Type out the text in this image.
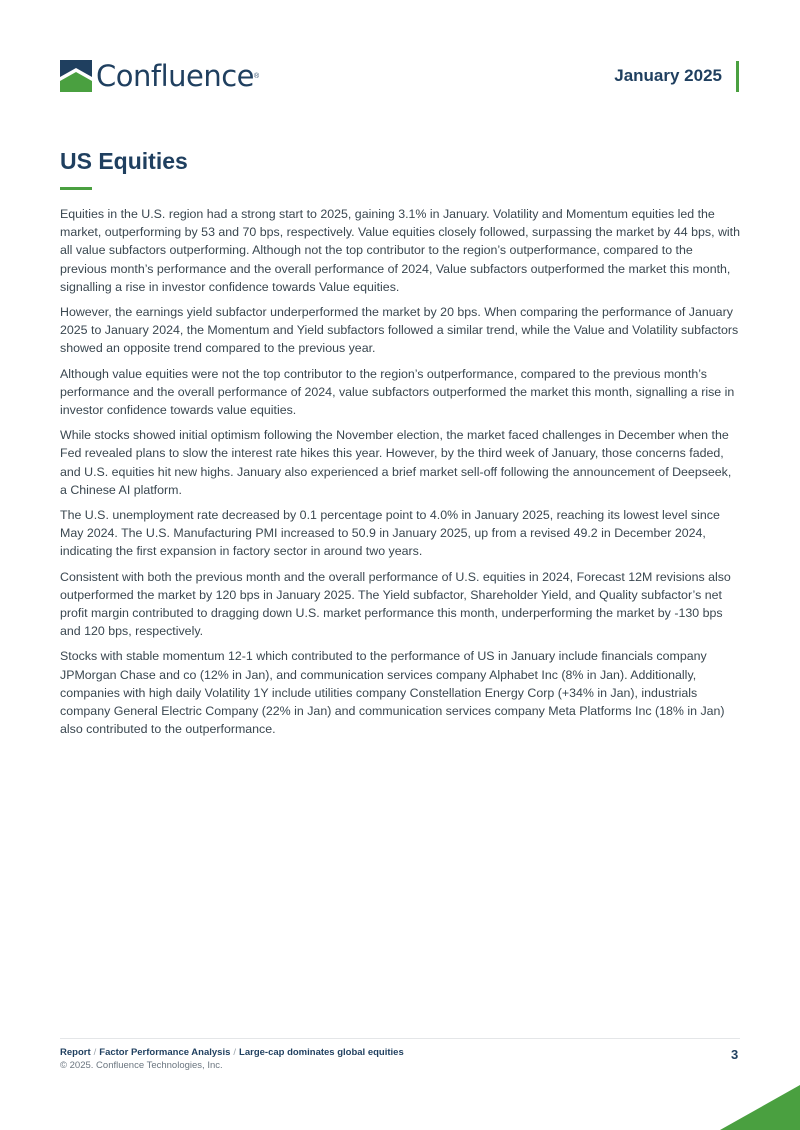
Confluence ®	January 2025
US Equities

Equities in the U.S. region had a strong start to 2025, gaining 3.1% in January. Volatility and Momentum equities led the market, outperforming by 53 and 70 bps, respectively. Value equities closely followed, surpassing the market by 44 bps, with all value subfactors outperforming. Although not the top contributor to the region’s outperformance, compared to the previous month’s performance and the overall performance of 2024, Value subfactors outperformed the market this month, signalling a rise in investor confidence towards Value equities.

However, the earnings yield subfactor underperformed the market by 20 bps. When comparing the performance of January 2025 to January 2024, the Momentum and Yield subfactors followed a similar trend, while the Value and Volatility subfactors showed an opposite trend compared to the previous year.

Although value equities were not the top contributor to the region’s outperformance, compared to the previous month’s performance and the overall performance of 2024, value subfactors outperformed the market this month, signalling a rise in investor confidence towards value equities.

While stocks showed initial optimism following the November election, the market faced challenges in December when the Fed revealed plans to slow the interest rate hikes this year. However, by the third week of January, those concerns faded, and U.S. equities hit new highs. January also experienced a brief market sell-off following the announcement of Deepseek, a Chinese AI platform.

The U.S. unemployment rate decreased by 0.1 percentage point to 4.0% in January 2025, reaching its lowest level since May 2024. The U.S. Manufacturing PMI increased to 50.9 in January 2025, up from a revised 49.2 in December 2024, indicating the first expansion in factory sector in around two years.

Consistent with both the previous month and the overall performance of U.S. equities in 2024, Forecast 12M revisions also outperformed the market by 120 bps in January 2025. The Yield subfactor, Shareholder Yield, and Quality subfactor’s net profit margin contributed to dragging down U.S. market performance this month, underperforming the market by -130 bps and 120 bps, respectively.

Stocks with stable momentum 12-1 which contributed to the performance of US in January include financials company JPMorgan Chase and co (12% in Jan), and communication services company Alphabet Inc (8% in Jan). Additionally, companies with high daily Volatility 1Y include utilities company Constellation Energy Corp (+34% in Jan), industrials company General Electric Company (22% in Jan) and communication services company Meta Platforms Inc (18% in Jan) also contributed to the outperformance.

Report / Factor Performance Analysis / Large-cap dominates global equities
© 2025. Confluence Technologies, Inc.
3
